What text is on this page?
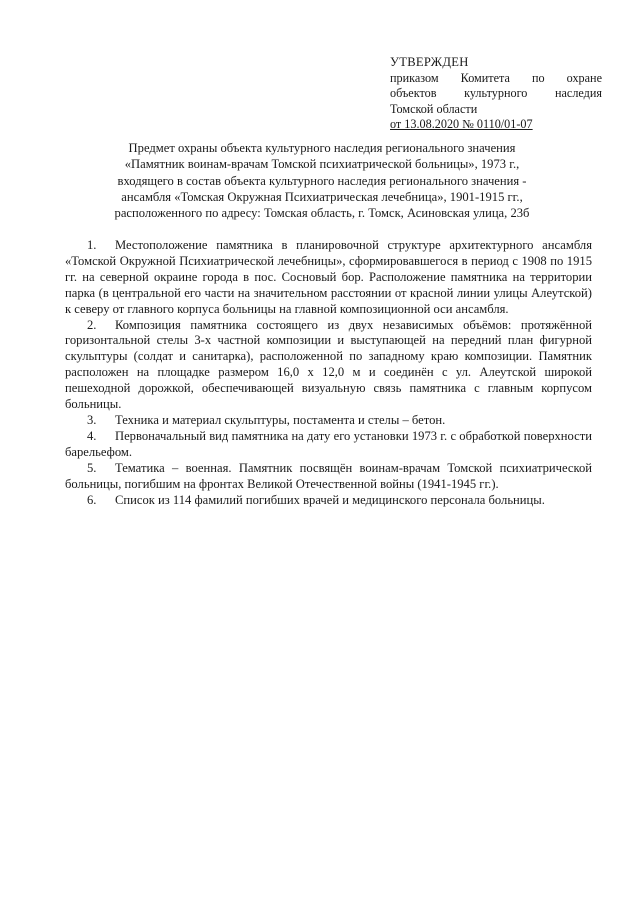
УТВЕРЖДЕН
приказом Комитета по охране
объектов культурного наследия
Томской области
от 13.08.2020 № 0110/01-07
Предмет охраны объекта культурного наследия регионального значения
«Памятник воинам-врачам Томской психиатрической больницы», 1973 г.,
входящего в состав объекта культурного наследия регионального значения -
ансамбля «Томская Окружная Психиатрическая лечебница», 1901-1915 гг.,
расположенного по адресу: Томская область, г. Томск, Асиновская улица, 23б

1. Местоположение памятника в планировочной структуре архитектурного ансамбля «Томской Окружной Психиатрической лечебницы», сформировавшегося в период с 1908 по 1915 гг. на северной окраине города в пос. Сосновый бор. Расположение памятника на территории парка (в центральной его части на значительном расстоянии от красной линии улицы Алеутской) к северу от главного корпуса больницы на главной композиционной оси ансамбля.

2. Композиция памятника состоящего из двух независимых объёмов: протяжённой горизонтальной стелы 3-х частной композиции и выступающей на передний план фигурной скульптуры (солдат и санитарка), расположенной по западному краю композиции. Памятник расположен на площадке размером 16,0 x 12,0 м и соединён с ул. Алеутской широкой пешеходной дорожкой, обеспечивающей визуальную связь памятника с главным корпусом больницы.

3. Техника и материал скульптуры, постамента и стелы – бетон.

4. Первоначальный вид памятника на дату его установки 1973 г. с обработкой поверхности барельефом.

5. Тематика – военная. Памятник посвящён воинам-врачам Томской психиатрической больницы, погибшим на фронтах Великой Отечественной войны (1941-1945 гг.).

6. Список из 114 фамилий погибших врачей и медицинского персонала больницы.
